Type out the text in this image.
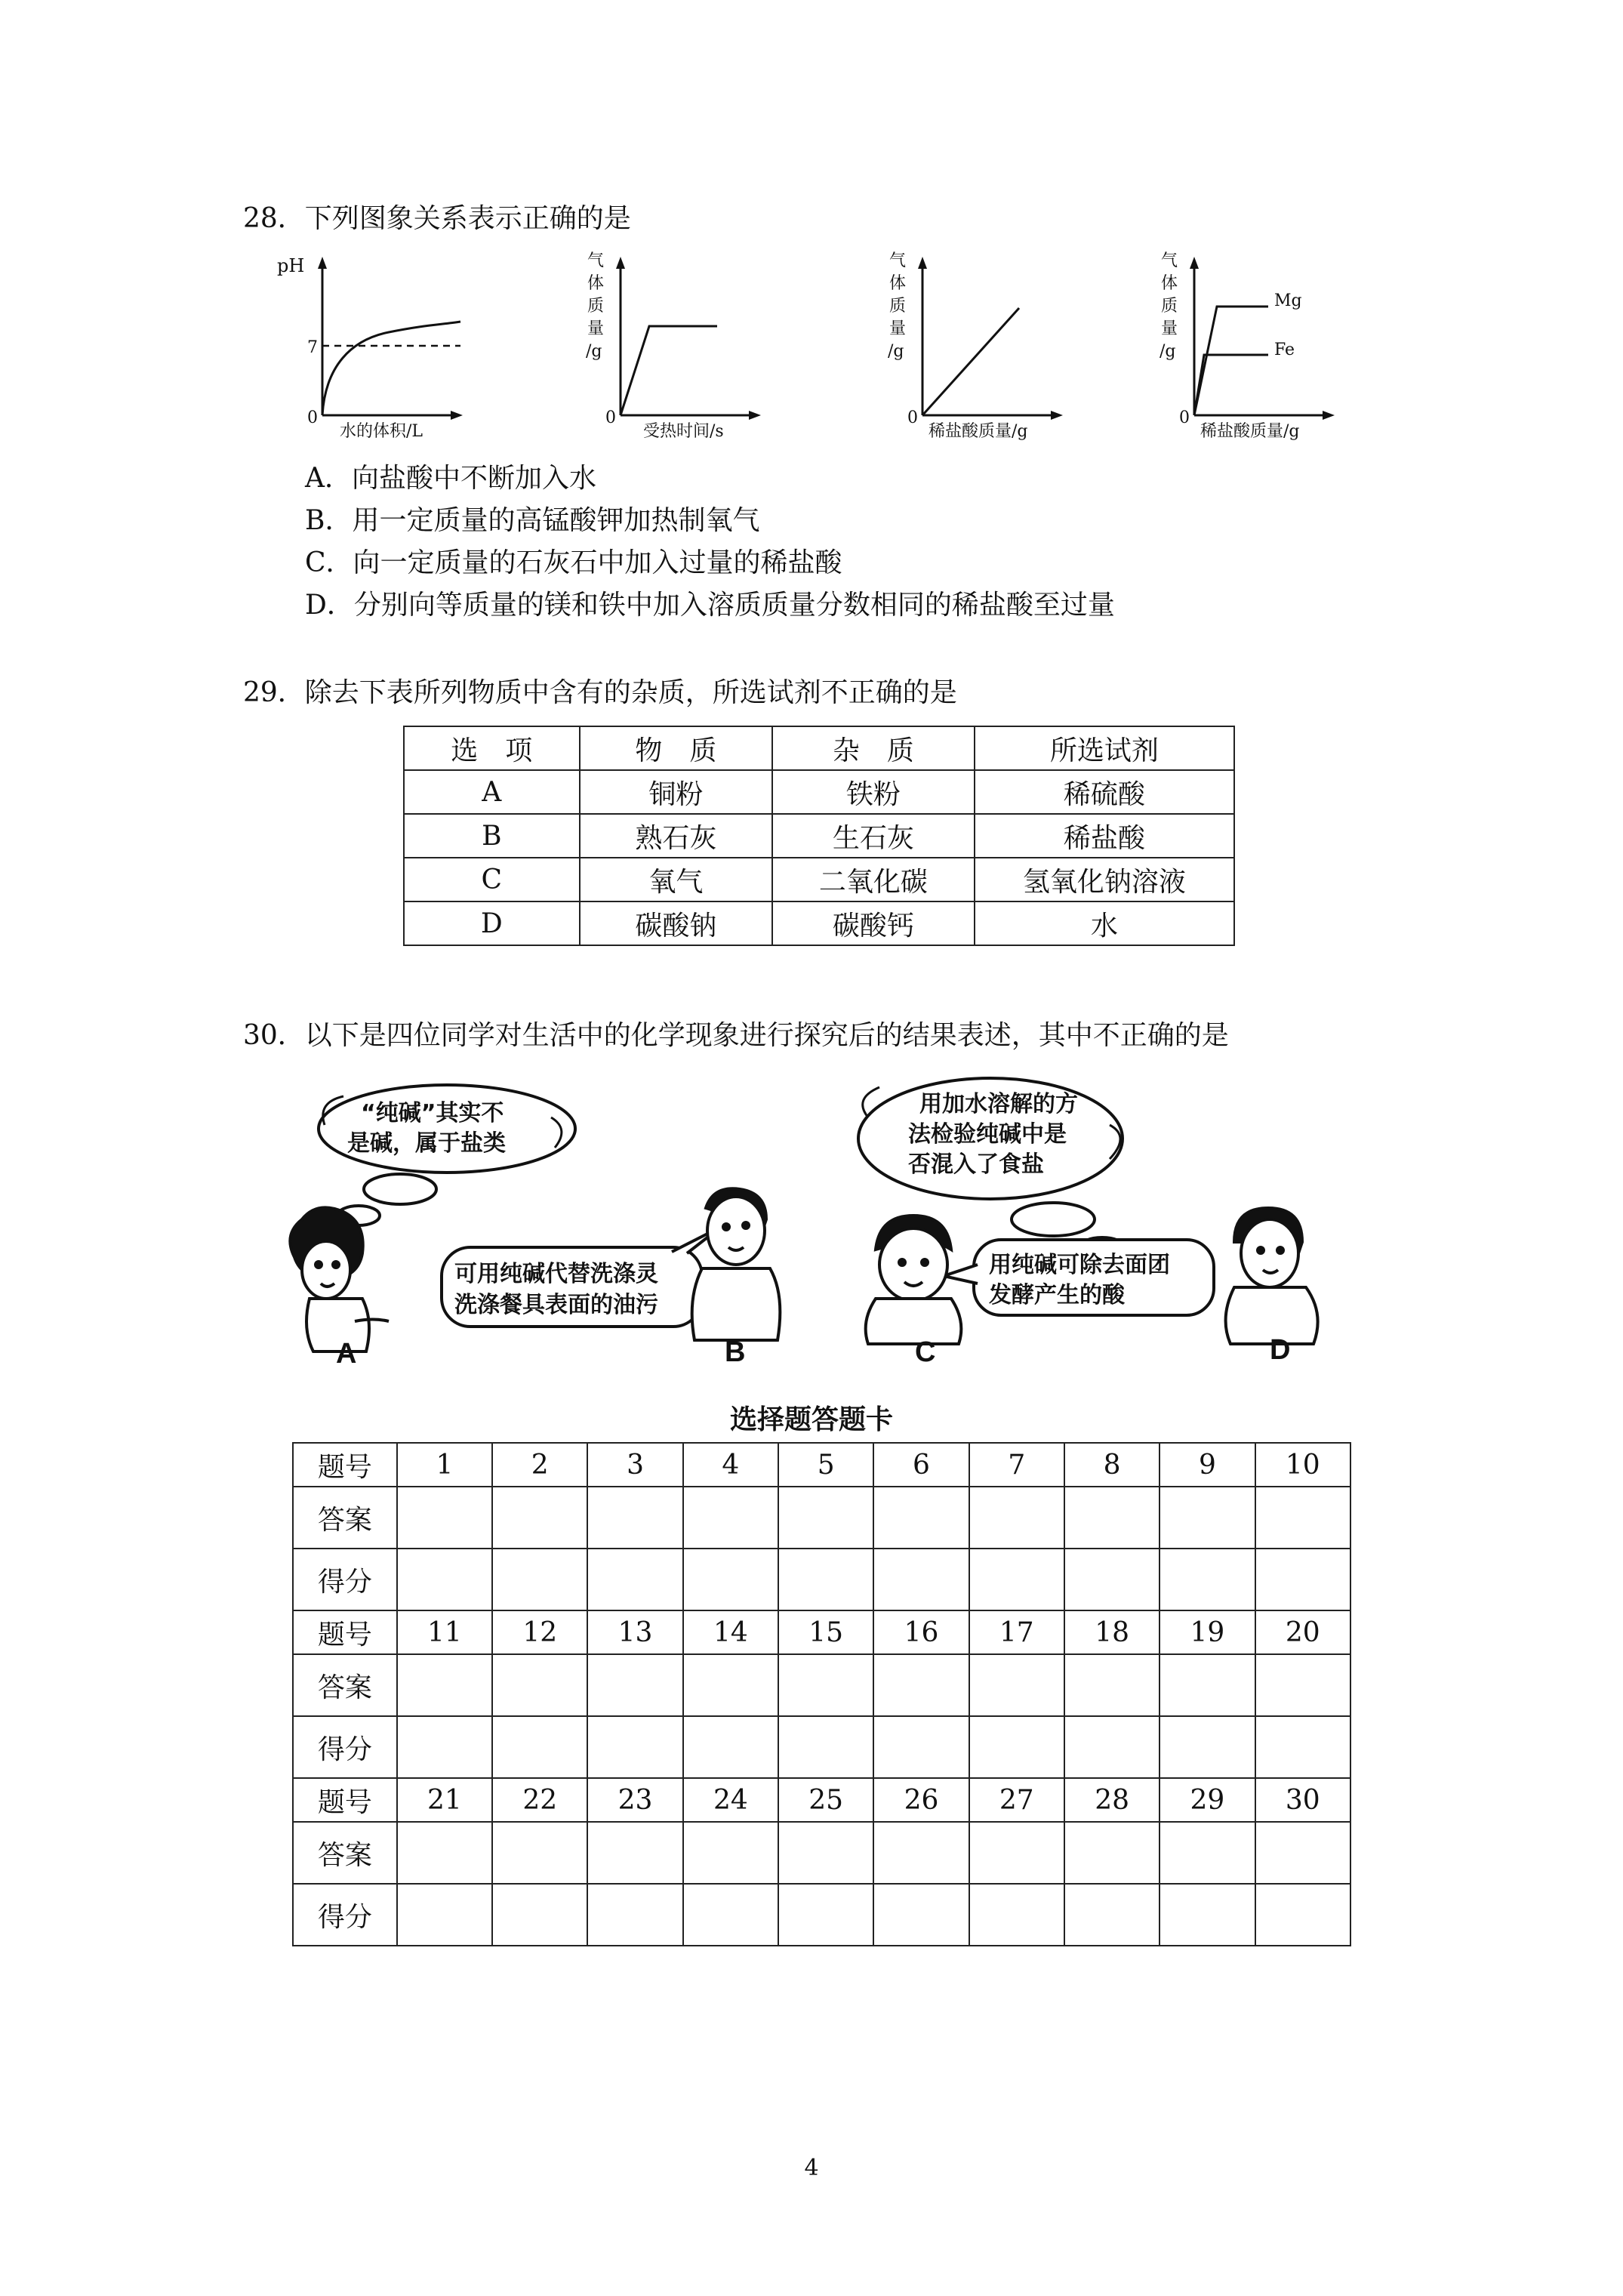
28．下列图象关系表示正确的是
pH
0
7
水的体积/L
气
体
质
量
/g
0
受热时间/s
气
体
质
量
/g
0
稀盐酸质量/g
气
体
质
量
/g
0
Mg
Fe
稀盐酸质量/g
A．向盐酸中不断加入水
B．用一定质量的高锰酸钾加热制氧气
C．向一定质量的石灰石中加入过量的稀盐酸
D．分别向等质量的镁和铁中加入溶质质量分数相同的稀盐酸至过量
29．除去下表所列物质中含有的杂质，所选试剂不正确的是
选　项	物　质	杂　质	所选试剂
A	铜粉	铁粉	稀硫酸
B	熟石灰	生石灰	稀盐酸
C	氧气	二氧化碳	氢氧化钠溶液
D	碳酸钠	碳酸钙	水
30．以下是四位同学对生活中的化学现象进行探究后的结果表述，其中不正确的是
“纯碱”其实不
是碱，属于盐类
用加水溶解的方
法检验纯碱中是
否混入了食盐
可用纯碱代替洗涤灵
洗涤餐具表面的油污
用纯碱可除去面团
发酵产生的酸
A	B	C	D
选择题答题卡
题号	1	2	3	4	5	6	7	8	9	10
答案										
得分										
题号	11	12	13	14	15	16	17	18	19	20
答案										
得分										
题号	21	22	23	24	25	26	27	28	29	30
答案										
得分										
4
